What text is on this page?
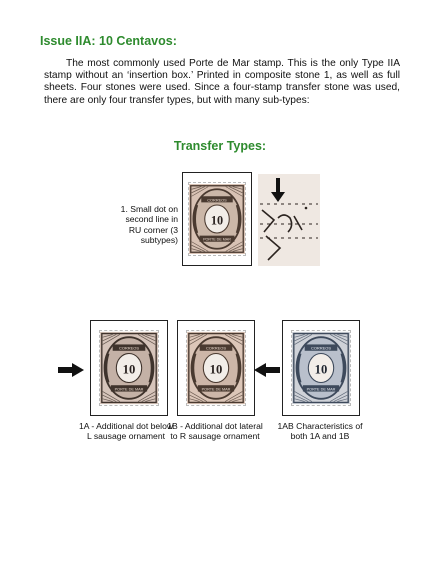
Issue IIA: 10 Centavos:
The most commonly used Porte de Mar stamp. This is the only Type IIA stamp without an ‘insertion box.’ Printed in composite stone 1, as well as full sheets. Four stones were used. Since a four-stamp transfer stone was used, there are only four transfer types, but with many sub-types:
Transfer Types:
CORREOS
PORTE DE MAR
10
1. Small dot on second line in RU corner (3 subtypes)
CORREOS
PORTE DE MAR
10
1A - Additional dot below L sausage ornament
CORREOS
PORTE DE MAR
10
1B - Additional dot lateral to R sausage ornament
CORREOS
PORTE DE MAR
10
1AB Characteristics of both 1A and 1B
